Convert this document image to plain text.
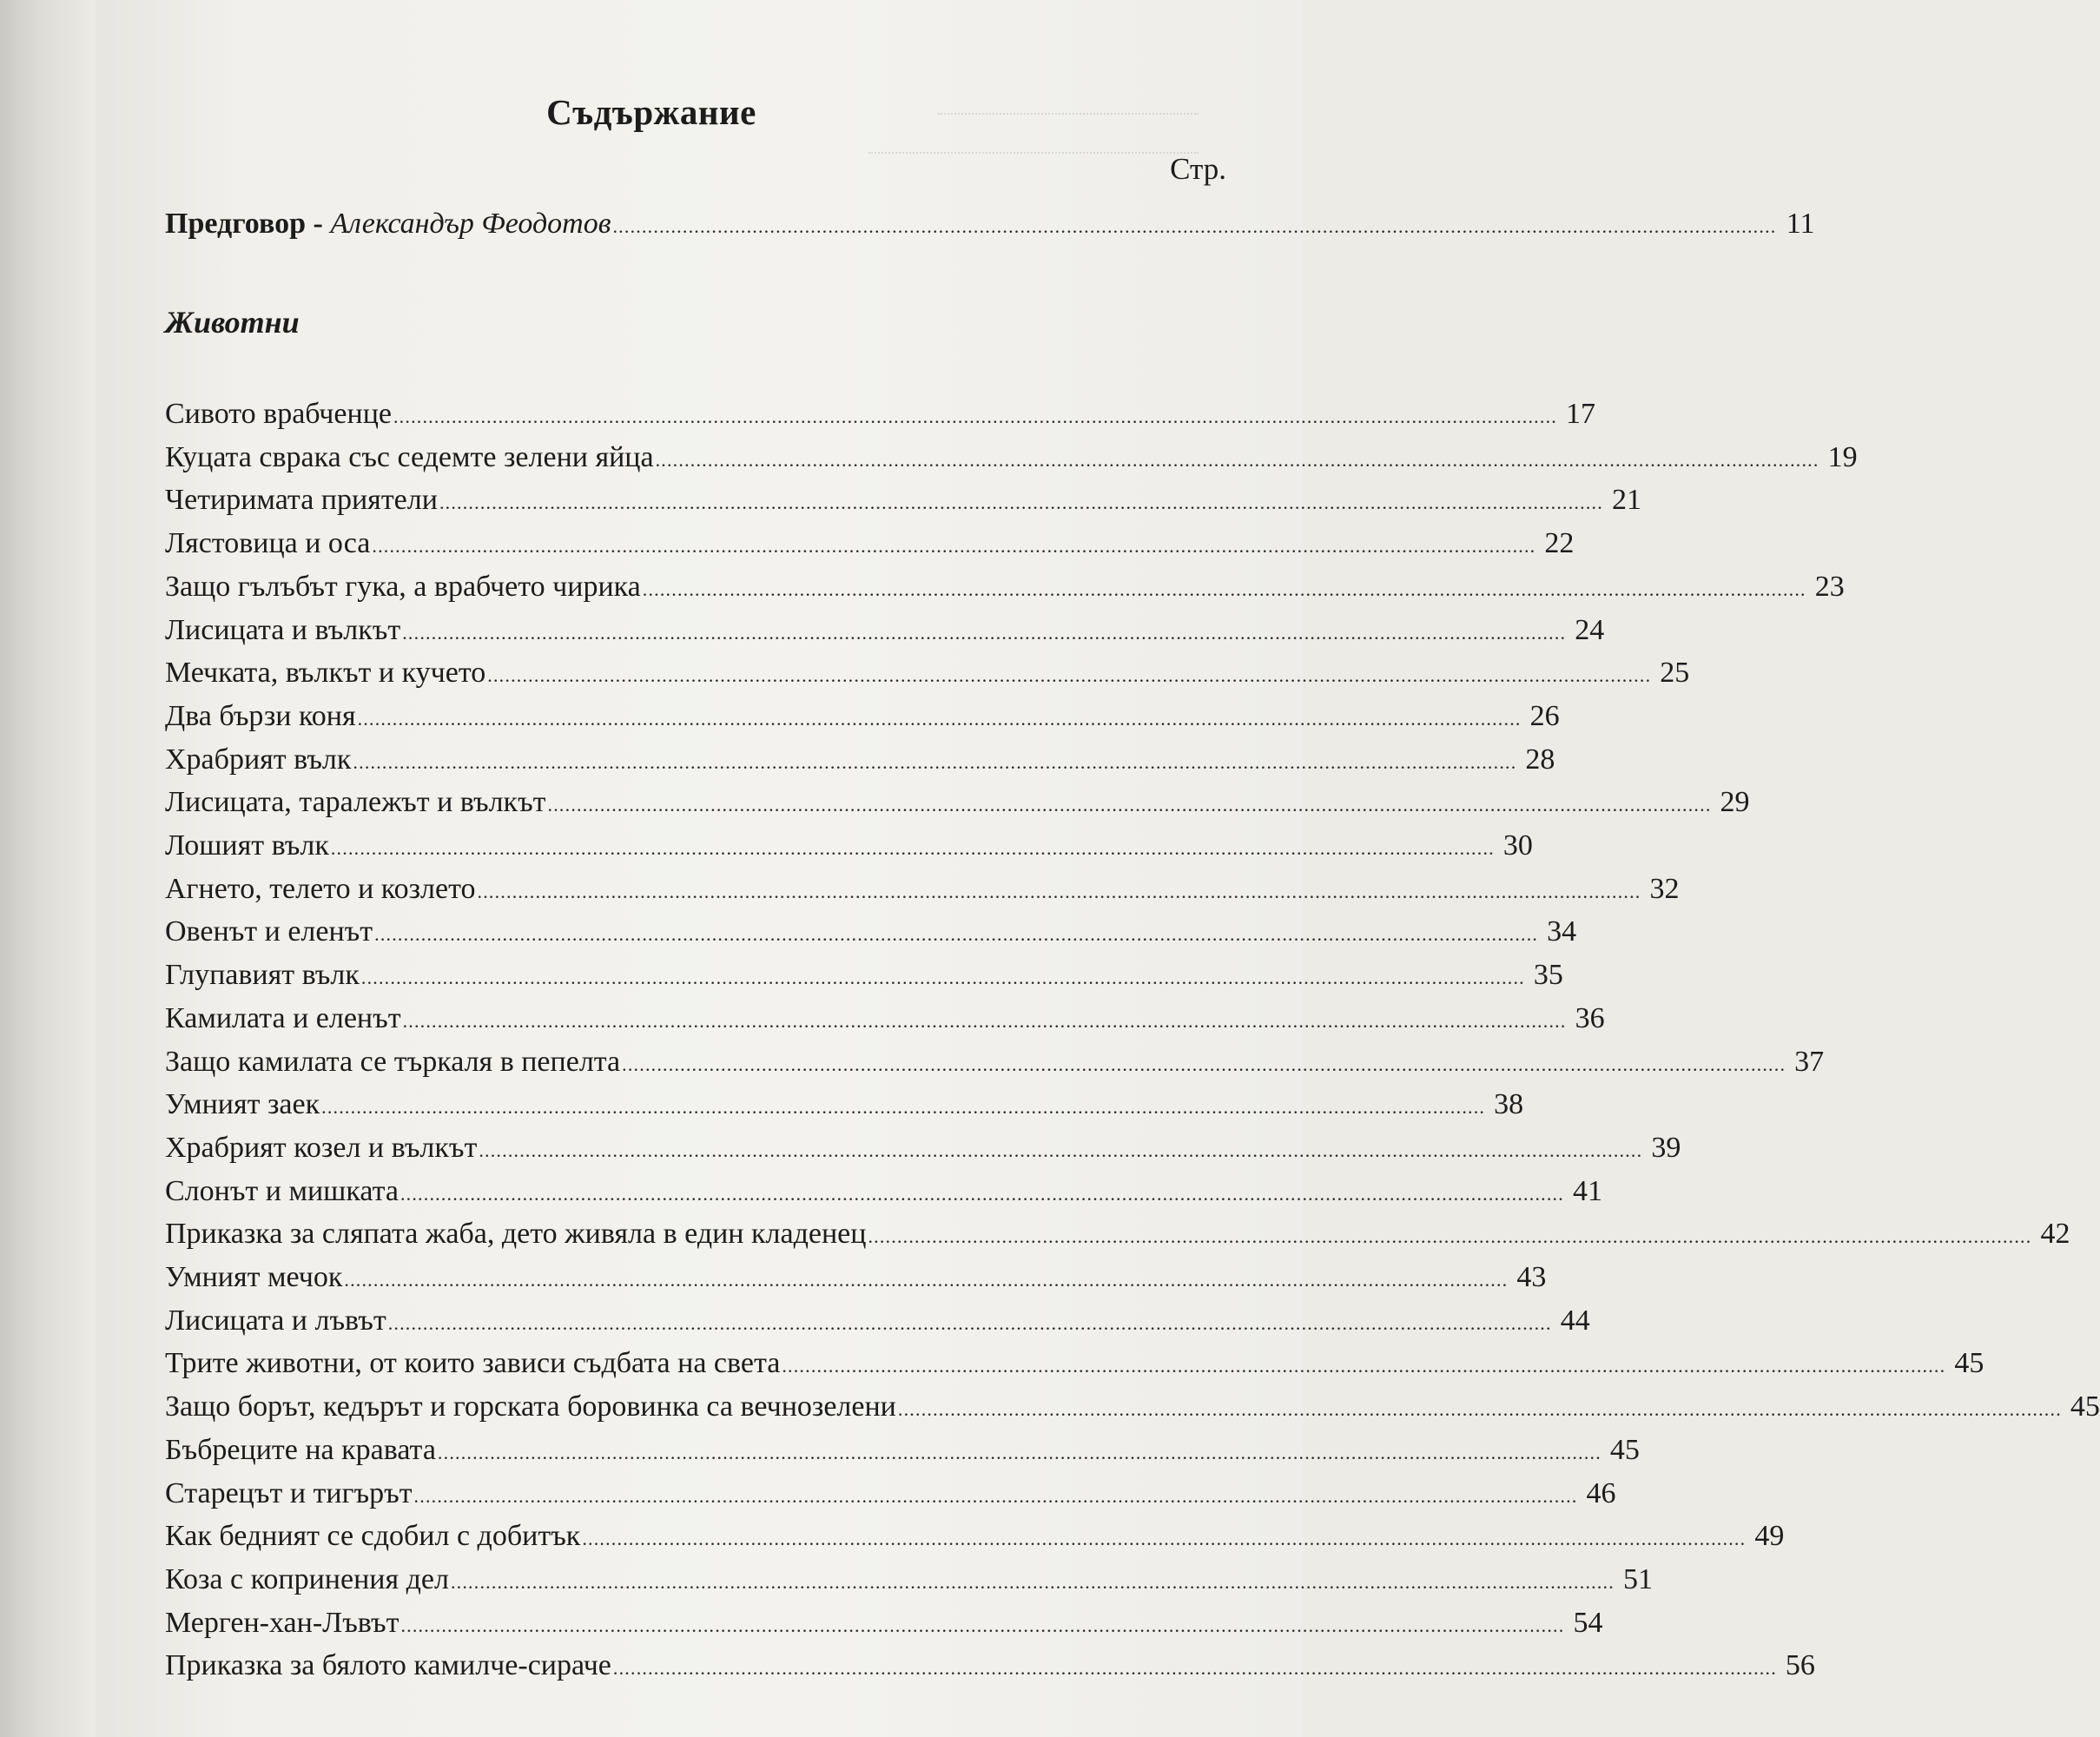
Съдържание
Стр.
Предговор - Александър Феодотов ........................................................................................................................................................................................................ 11
Животни
Сивото врабченце ........................................................................................................................................................................................................ 17
Куцата сврака със седемте зелени яйца ........................................................................................................................................................................................................ 19
Четиримата приятели ........................................................................................................................................................................................................ 21
Лястовица и оса ........................................................................................................................................................................................................ 22
Защо гълъбът гука, а врабчето чирика ........................................................................................................................................................................................................ 23
Лисицата и вълкът ........................................................................................................................................................................................................ 24
Мечката, вълкът и кучето ........................................................................................................................................................................................................ 25
Два бързи коня ........................................................................................................................................................................................................ 26
Храбрият вълк ........................................................................................................................................................................................................ 28
Лисицата, таралежът и вълкът ........................................................................................................................................................................................................ 29
Лошият вълк ........................................................................................................................................................................................................ 30
Агнето, телето и козлето ........................................................................................................................................................................................................ 32
Овенът и еленът ........................................................................................................................................................................................................ 34
Глупавият вълк ........................................................................................................................................................................................................ 35
Камилата и еленът ........................................................................................................................................................................................................ 36
Защо камилата се търкаля в пепелта ........................................................................................................................................................................................................ 37
Умният заек ........................................................................................................................................................................................................ 38
Храбрият козел и вълкът ........................................................................................................................................................................................................ 39
Слонът и мишката ........................................................................................................................................................................................................ 41
Приказка за сляпата жаба, дето живяла в един кладенец ........................................................................................................................................................................................................ 42
Умният мечок ........................................................................................................................................................................................................ 43
Лисицата и лъвът ........................................................................................................................................................................................................ 44
Трите животни, от които зависи съдбата на света ........................................................................................................................................................................................................ 45
Защо борът, кедърът и горската боровинка са вечнозелени ........................................................................................................................................................................................................ 45
Бъбреците на кравата ........................................................................................................................................................................................................ 45
Старецът и тигърът ........................................................................................................................................................................................................ 46
Как бедният се сдобил с добитък ........................................................................................................................................................................................................ 49
Коза с копринения дел ........................................................................................................................................................................................................ 51
Мерген-хан-Лъвът ........................................................................................................................................................................................................ 54
Приказка за бялото камилче-сираче ........................................................................................................................................................................................................ 56
